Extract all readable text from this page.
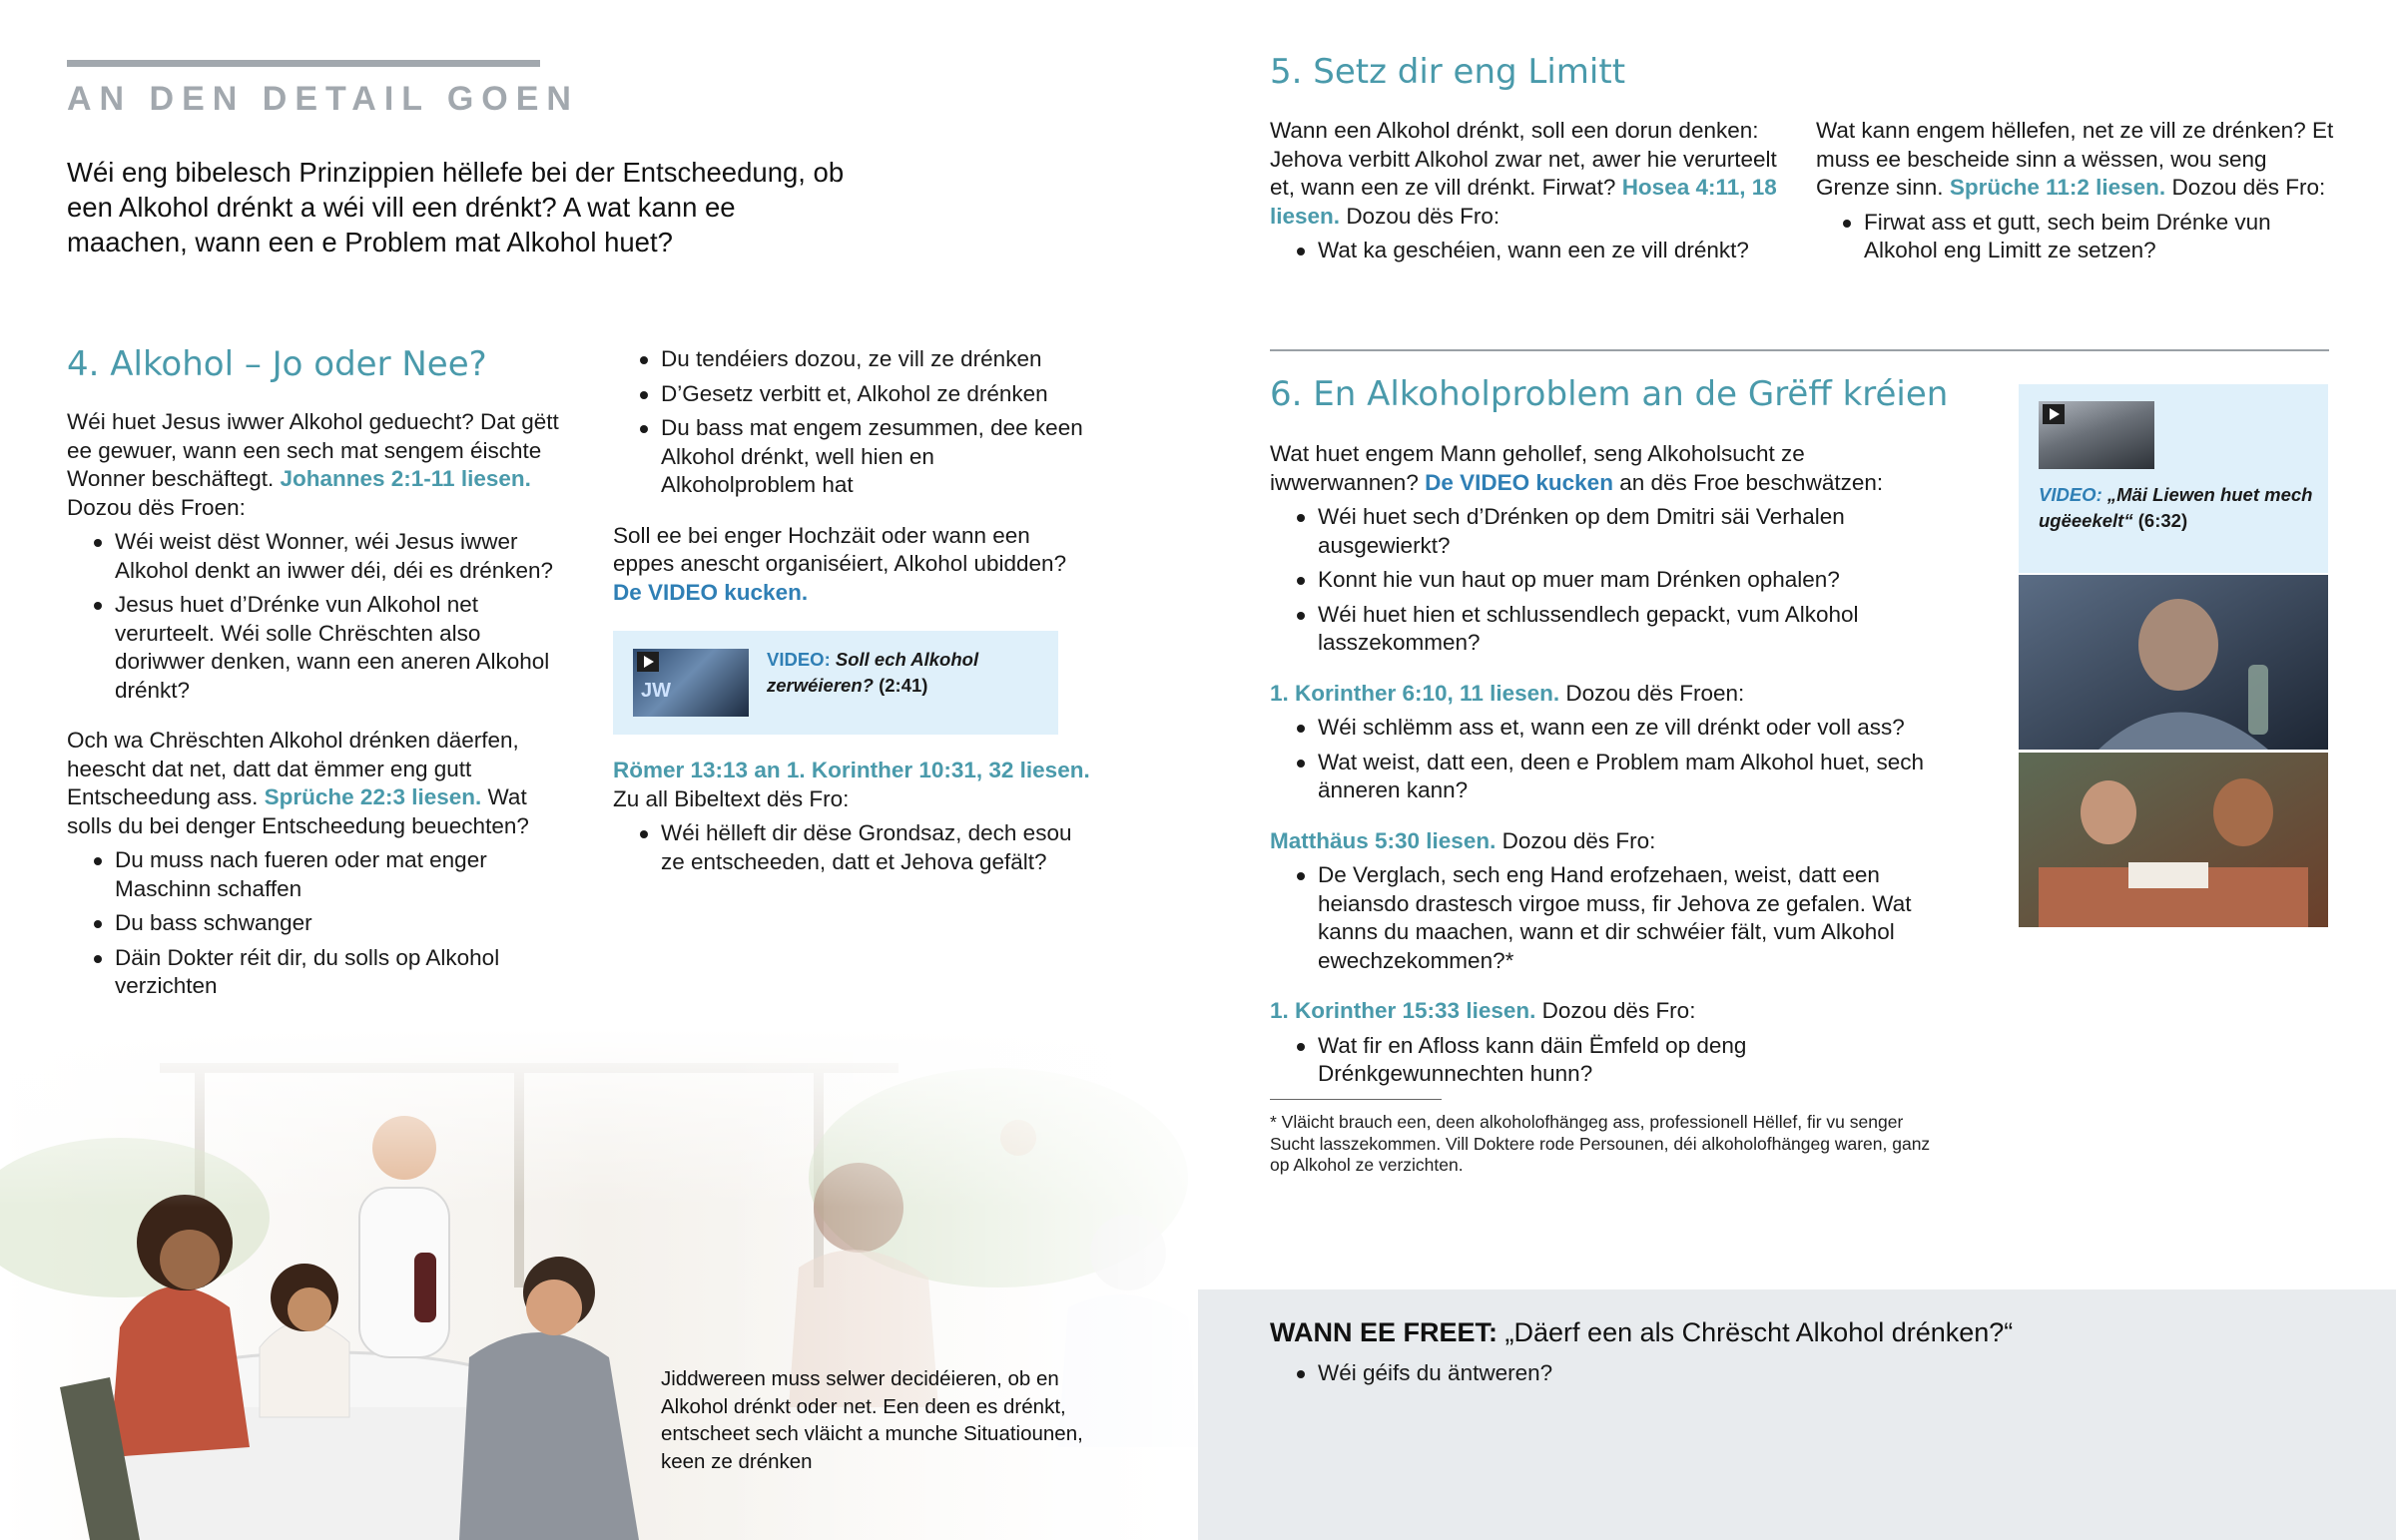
AN DEN DETAIL GOEN
Wéi eng bibelesch Prinzippien hëllefe bei der Entscheedung, ob een Alkohol drénkt a wéi vill een drénkt? A wat kann ee maachen, wann een e Problem mat Alkohol huet?
4. Alkohol – Jo oder Nee?

Wéi huet Jesus iwwer Alkohol geduecht? Dat gëtt ee gewuer, wann een sech mat sengem éischte Wonner beschäftegt. Johannes 2:1-11 liesen. Dozou dës Froen:

Wéi weist dëst Wonner, wéi Jesus iwwer Alkohol denkt an iwwer déi, déi es drénken?
Jesus huet d’Drénke vun Alkohol net verurteelt. Wéi solle Chrëschten also doriwwer denken, wann een aneren Alkohol drénkt?

Och wa Chrëschten Alkohol drénken däerfen, heescht dat net, datt dat ëmmer eng gutt Entscheedung ass. Sprüche 22:3 liesen. Wat solls du bei denger Entscheedung beuechten?

Du muss nach fueren oder mat enger Maschinn schaffen
Du bass schwanger
Däin Dokter réit dir, du solls op Alkohol verzichten
Du tendéiers dozou, ze vill ze drénken
D’Gesetz verbitt et, Alkohol ze drénken
Du bass mat engem zesummen, dee keen Alkohol drénkt, well hien en Alkoholproblem hat

Soll ee bei enger Hochzäit oder wann een eppes anescht organiséiert, Alkohol ubidden? De VIDEO kucken.

JW
VIDEO: Soll ech Alkohol zerwéieren? (2:41)

Römer 13:13 an 1. Korinther 10:31, 32 liesen.
Zu all Bibeltext dës Fro:

Wéi hëlleft dir dëse Grondsaz, dech esou ze entscheeden, datt et Jehova gefält?
Jiddwereen muss selwer decidéieren, ob en Alkohol drénkt oder net. Een deen es drénkt, entscheet sech vläicht a munche Situatiounen, keen ze drénken
5. Setz dir eng Limitt

Wann een Alkohol drénkt, soll een dorun denken: Jehova verbitt Alkohol zwar net, awer hie verurteelt et, wann een ze vill drénkt. Firwat? Hosea 4:11, 18 liesen. Dozou dës Fro:

Wat ka geschéien, wann een ze vill drénkt?

Wat kann engem hëllefen, net ze vill ze drénken? Et muss ee bescheide sinn a wëssen, wou seng Grenze sinn. Sprüche 11:2 liesen. Dozou dës Fro:

Firwat ass et gutt, sech beim Drénke vun Alkohol eng Limitt ze setzen?
6. En Alkoholproblem an de Grëff kréien

Wat huet engem Mann gehollef, seng Alkoholsucht ze iwwerwannen? De VIDEO kucken an dës Froe beschwätzen:

Wéi huet sech d’Drénken op dem Dmitri säi Verhalen ausgewierkt?
Konnt hie vun haut op muer mam Drénken ophalen?
Wéi huet hien et schlussendlech gepackt, vum Alkohol lasszekommen?

1. Korinther 6:10, 11 liesen. Dozou dës Froen:

Wéi schlëmm ass et, wann een ze vill drénkt oder voll ass?
Wat weist, datt een, deen e Problem mam Alkohol huet, sech änneren kann?

Matthäus 5:30 liesen. Dozou dës Fro:

De Verglach, sech eng Hand erofzehaen, weist, datt een heiansdo drastesch virgoe muss, fir Jehova ze gefalen. Wat kanns du maachen, wann et dir schwéier fält, vum Alkohol ewechzekommen?*

1. Korinther 15:33 liesen. Dozou dës Fro:

Wat fir en Afloss kann däin Ëmfeld op deng Drénkgewunnechten hunn?
* Vläicht brauch een, deen alkoholofhängeg ass, professionell Hëllef, fir vu senger Sucht lasszekommen. Vill Doktere rode Persounen, déi alkoholofhängeg waren, ganz op Alkohol ze verzichten.
VIDEO: „Mäi Liewen huet mech ugëeekelt“ (6:32)
WANN EE FREET: „Däerf een als Chrëscht Alkohol drénken?“
Wéi géifs du äntweren?
